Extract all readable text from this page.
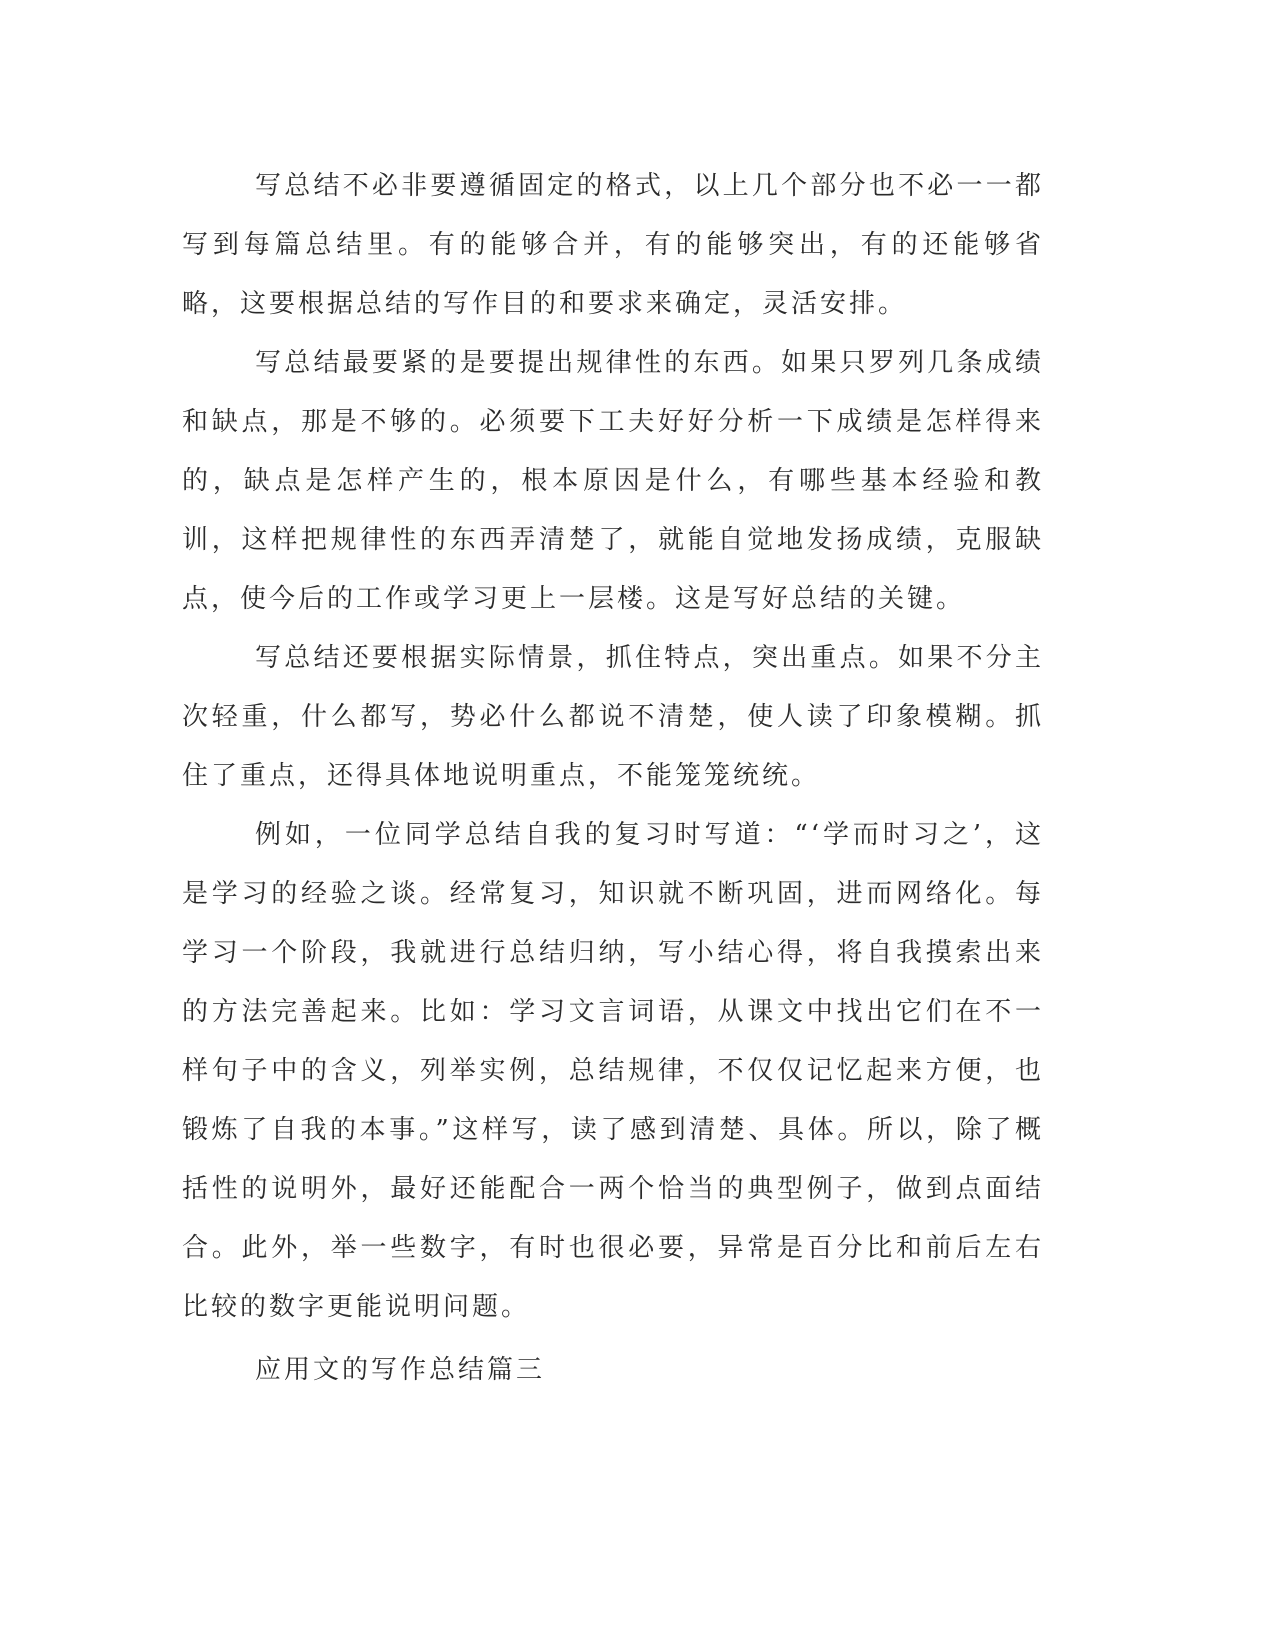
写总结不必非要遵循固定的格式，以上几个部分也不必一一都写到每篇总结里。有的能够合并，有的能够突出，有的还能够省略，这要根据总结的写作目的和要求来确定，灵活安排。

写总结最要紧的是要提出规律性的东西。如果只罗列几条成绩和缺点，那是不够的。必须要下工夫好好分析一下成绩是怎样得来的，缺点是怎样产生的，根本原因是什么，有哪些基本经验和教训，这样把规律性的东西弄清楚了，就能自觉地发扬成绩，克服缺点，使今后的工作或学习更上一层楼。这是写好总结的关键。

写总结还要根据实际情景，抓住特点，突出重点。如果不分主次轻重，什么都写，势必什么都说不清楚，使人读了印象模糊。抓住了重点，还得具体地说明重点，不能笼笼统统。

例如，一位同学总结自我的复习时写道：“‘学而时习之’，这是学习的经验之谈。经常复习，知识就不断巩固，进而网络化。每学习一个阶段，我就进行总结归纳，写小结心得，将自我摸索出来的方法完善起来。比如：学习文言词语，从课文中找出它们在不一样句子中的含义，列举实例，总结规律，不仅仅记忆起来方便，也锻炼了自我的本事。”这样写，读了感到清楚、具体。所以，除了概括性的说明外，最好还能配合一两个恰当的典型例子，做到点面结合。此外，举一些数字，有时也很必要，异常是百分比和前后左右比较的数字更能说明问题。

应用文的写作总结篇三
